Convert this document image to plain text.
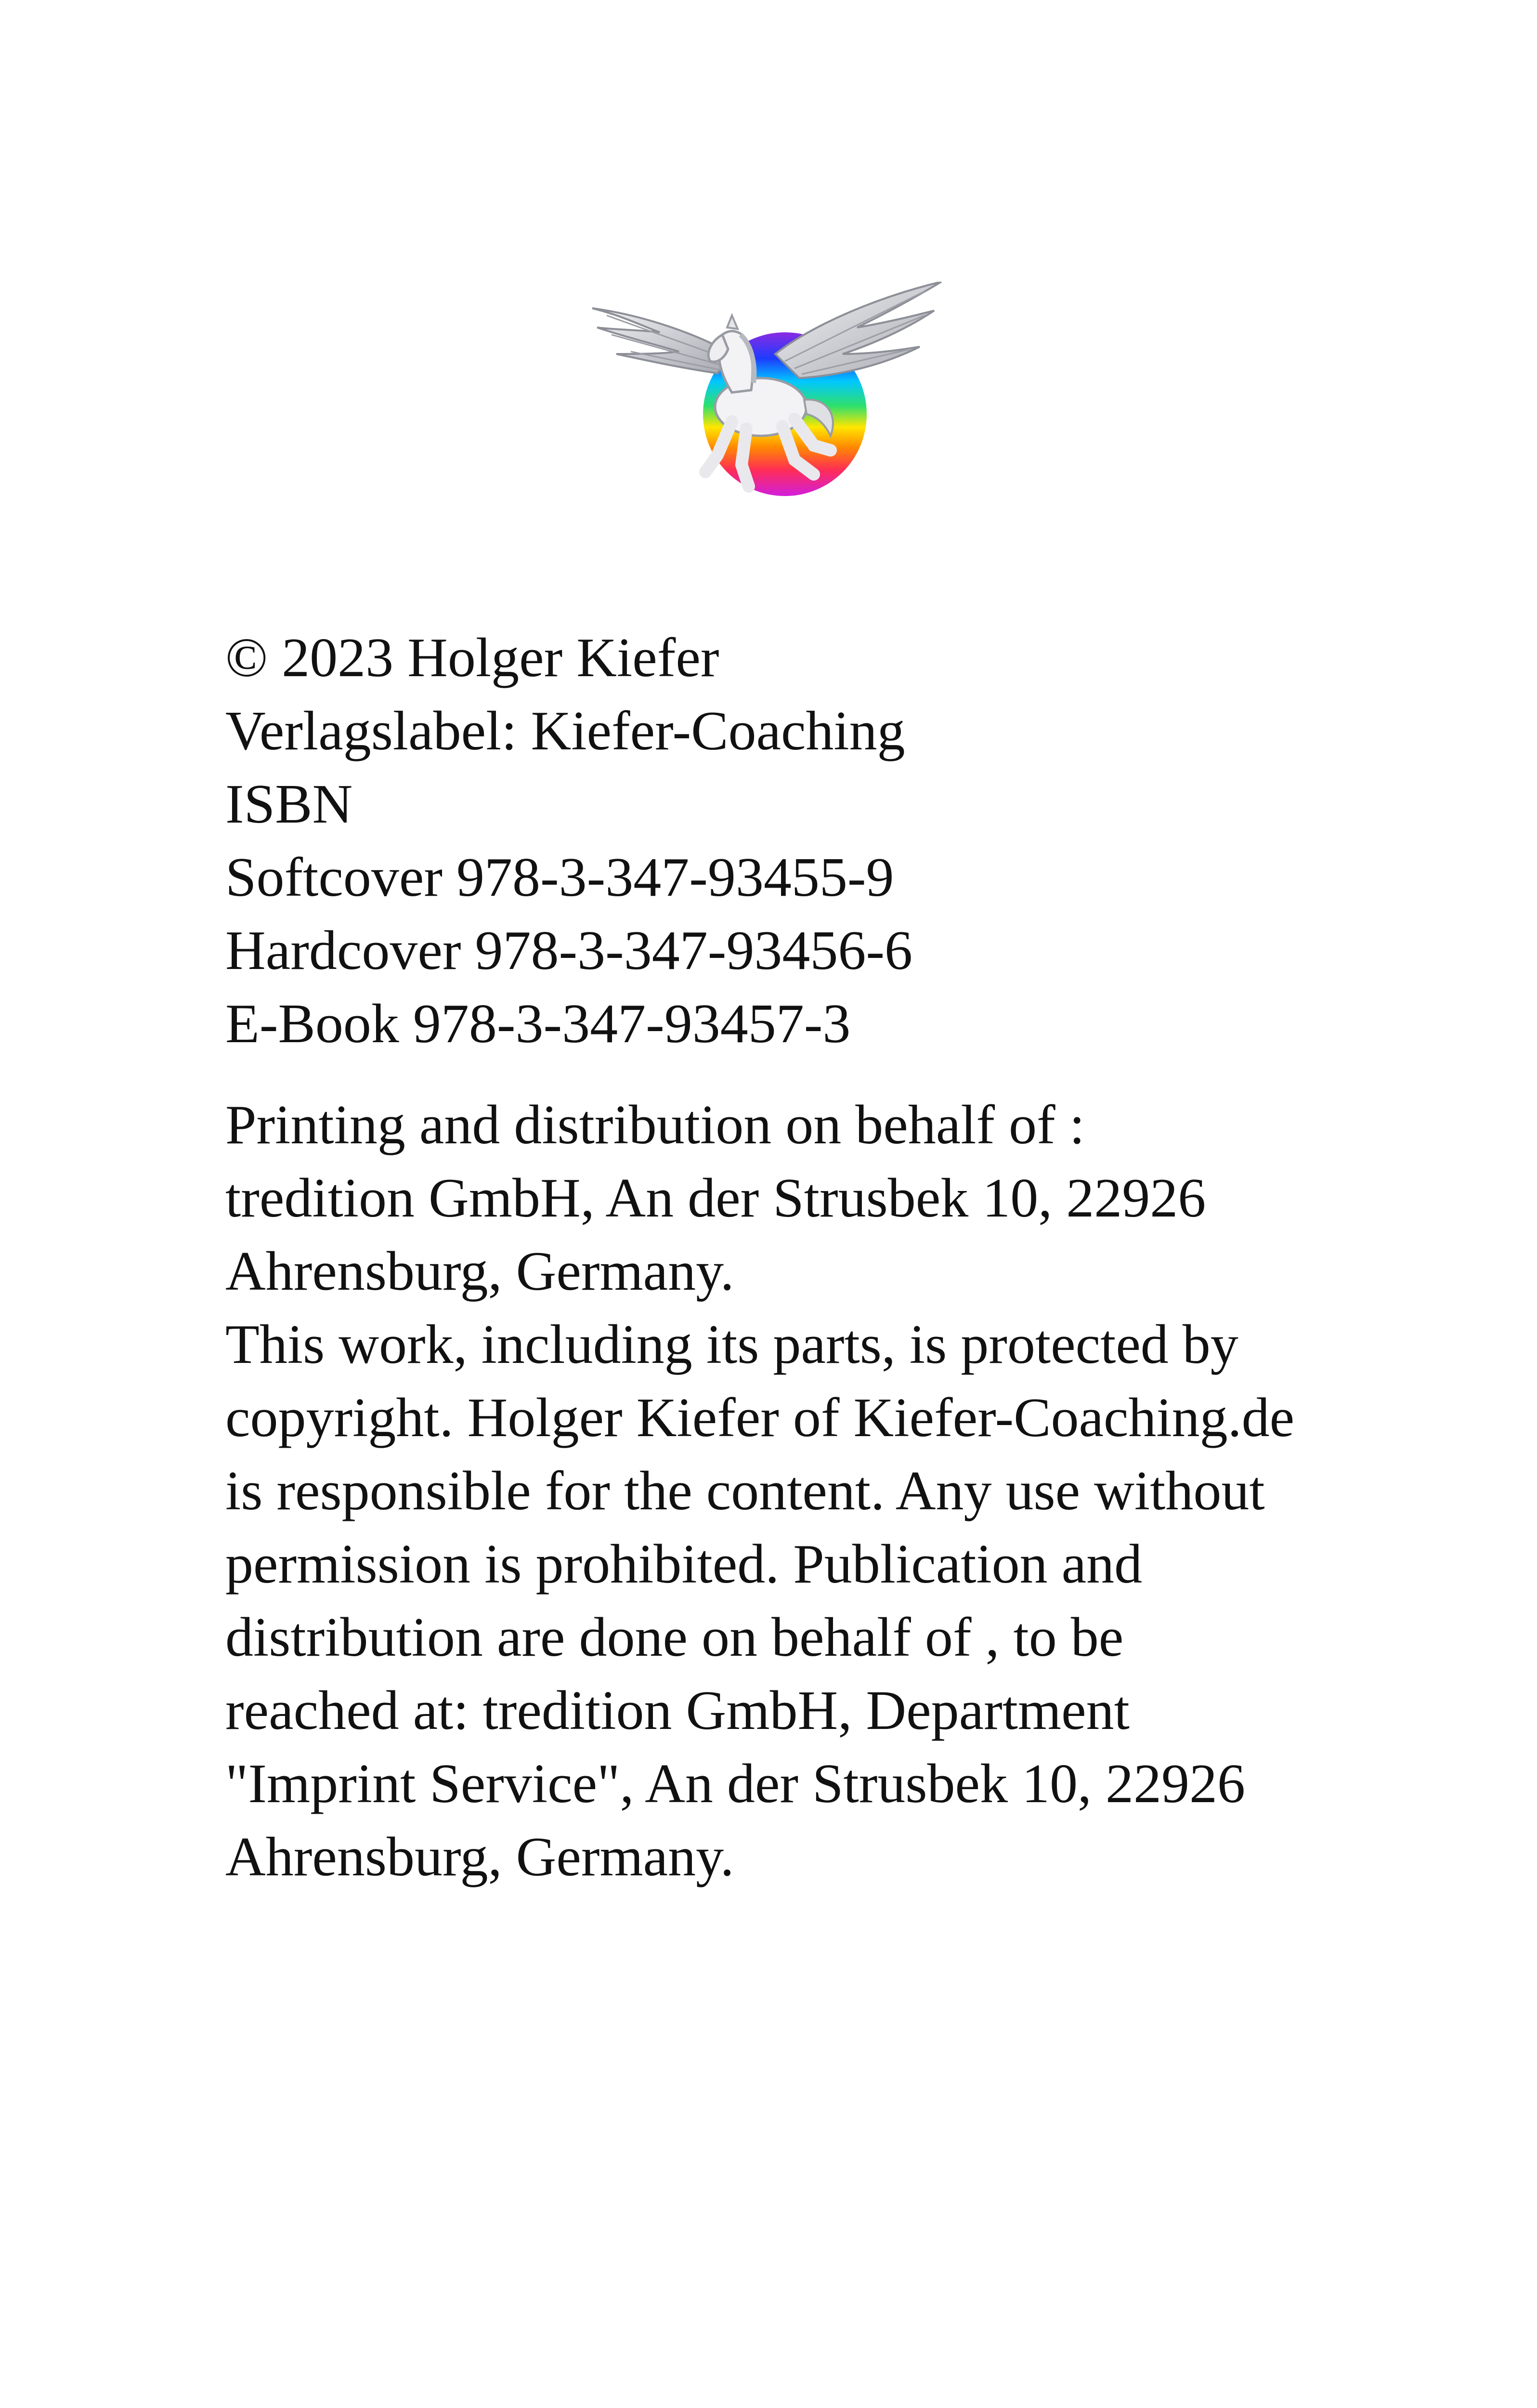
© 2023 Holger Kiefer
Verlagslabel: Kiefer-Coaching
ISBN
Softcover 978-3-347-93455-9
Hardcover 978-3-347-93456-6
E-Book 978-3-347-93457-3
Printing and distribution on behalf of :
tredition GmbH, An der Strusbek 10, 22926
Ahrensburg, Germany.
This work, including its parts, is protected by
copyright. Holger Kiefer of Kiefer-Coaching.de
is responsible for the content. Any use without
permission is prohibited. Publication and
distribution are done on behalf of , to be
reached at: tredition GmbH, Department
"Imprint Service", An der Strusbek 10, 22926
Ahrensburg, Germany.
